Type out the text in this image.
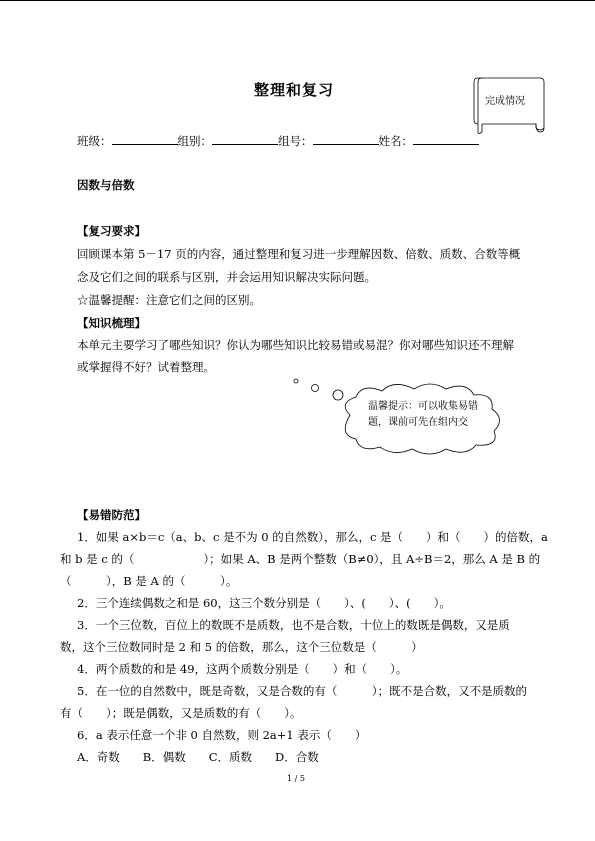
整理和复习
完成情况
班级：	组别：	组号：	姓名：
因数与倍数
【复习要求】
回顾课本第 5－17 页的内容，通过整理和复习进一步理解因数、倍数、质数、合数等概
念及它们之间的联系与区别，并会运用知识解决实际问题。
☆温馨提醒：注意它们之间的区别。
【知识梳理】
本单元主要学习了哪些知识？你认为哪些知识比较易错或易混？你对哪些知识还不理解
或掌握得不好？试着整理。
温馨提示：可以收集易错
题，课前可先在组内交
【易错防范】
1．如果 a×b＝c（a、b、c 是不为 0 的自然数），那么，c 是（　　）和（　　）的倍数，a
和 b 是 c 的（　　　　　　）；如果 A、B 是两个整数（B≠0），且 A÷B＝2，那么 A 是 B 的
（　　　），B 是 A 的（　　　）。
2．三个连续偶数之和是 60，这三个数分别是（　　）、(　　）、(　　）。
3．一个三位数，百位上的数既不是质数，也不是合数，十位上的数既是偶数，又是质
数，这个三位数同时是 2 和 5 的倍数，那么，这个三位数是（　　　）
4．两个质数的和是 49，这两个质数分别是（　　）和（　　）。
5．在一位的自然数中，既是奇数，又是合数的有（　　　）；既不是合数，又不是质数的
有（　　）；既是偶数，又是质数的有（　　）。
6．a 表示任意一个非 0 自然数，则 2a+1 表示（　　）
A．奇数　　B．偶数　　C．质数　　D．合数
1 / 5
